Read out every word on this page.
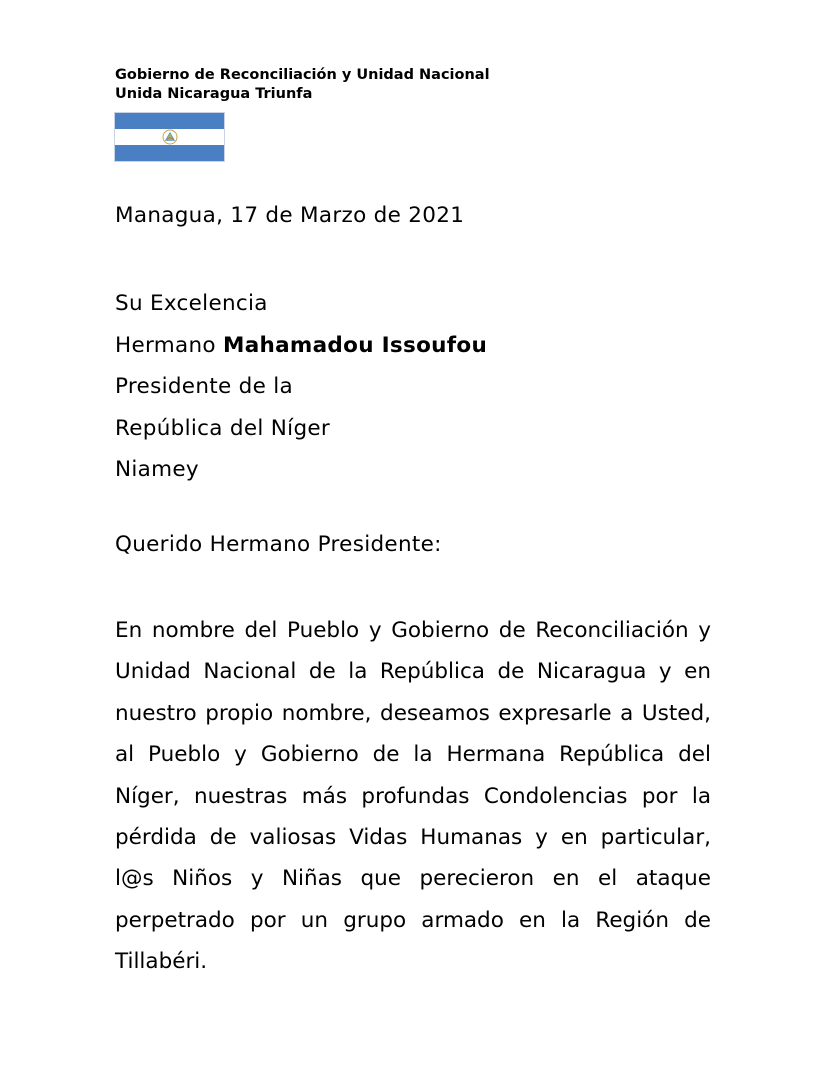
Gobierno de Reconciliación y Unidad Nacional
Unida Nicaragua Triunfa
Managua, 17 de Marzo de 2021
Su Excelencia
Hermano Mahamadou Issoufou
Presidente de la
República del Níger
Niamey
Querido Hermano Presidente:
En nombre del Pueblo y Gobierno de Reconciliación y Unidad Nacional de la República de Nicaragua y en nuestro propio nombre, deseamos expresarle a Usted, al Pueblo y Gobierno de la Hermana República del Níger, nuestras más profundas Condolencias por la pérdida de valiosas Vidas Humanas y en particular, l@s Niños y Niñas que perecieron en el ataque perpetrado por un grupo armado en la Región de Tillabéri.
